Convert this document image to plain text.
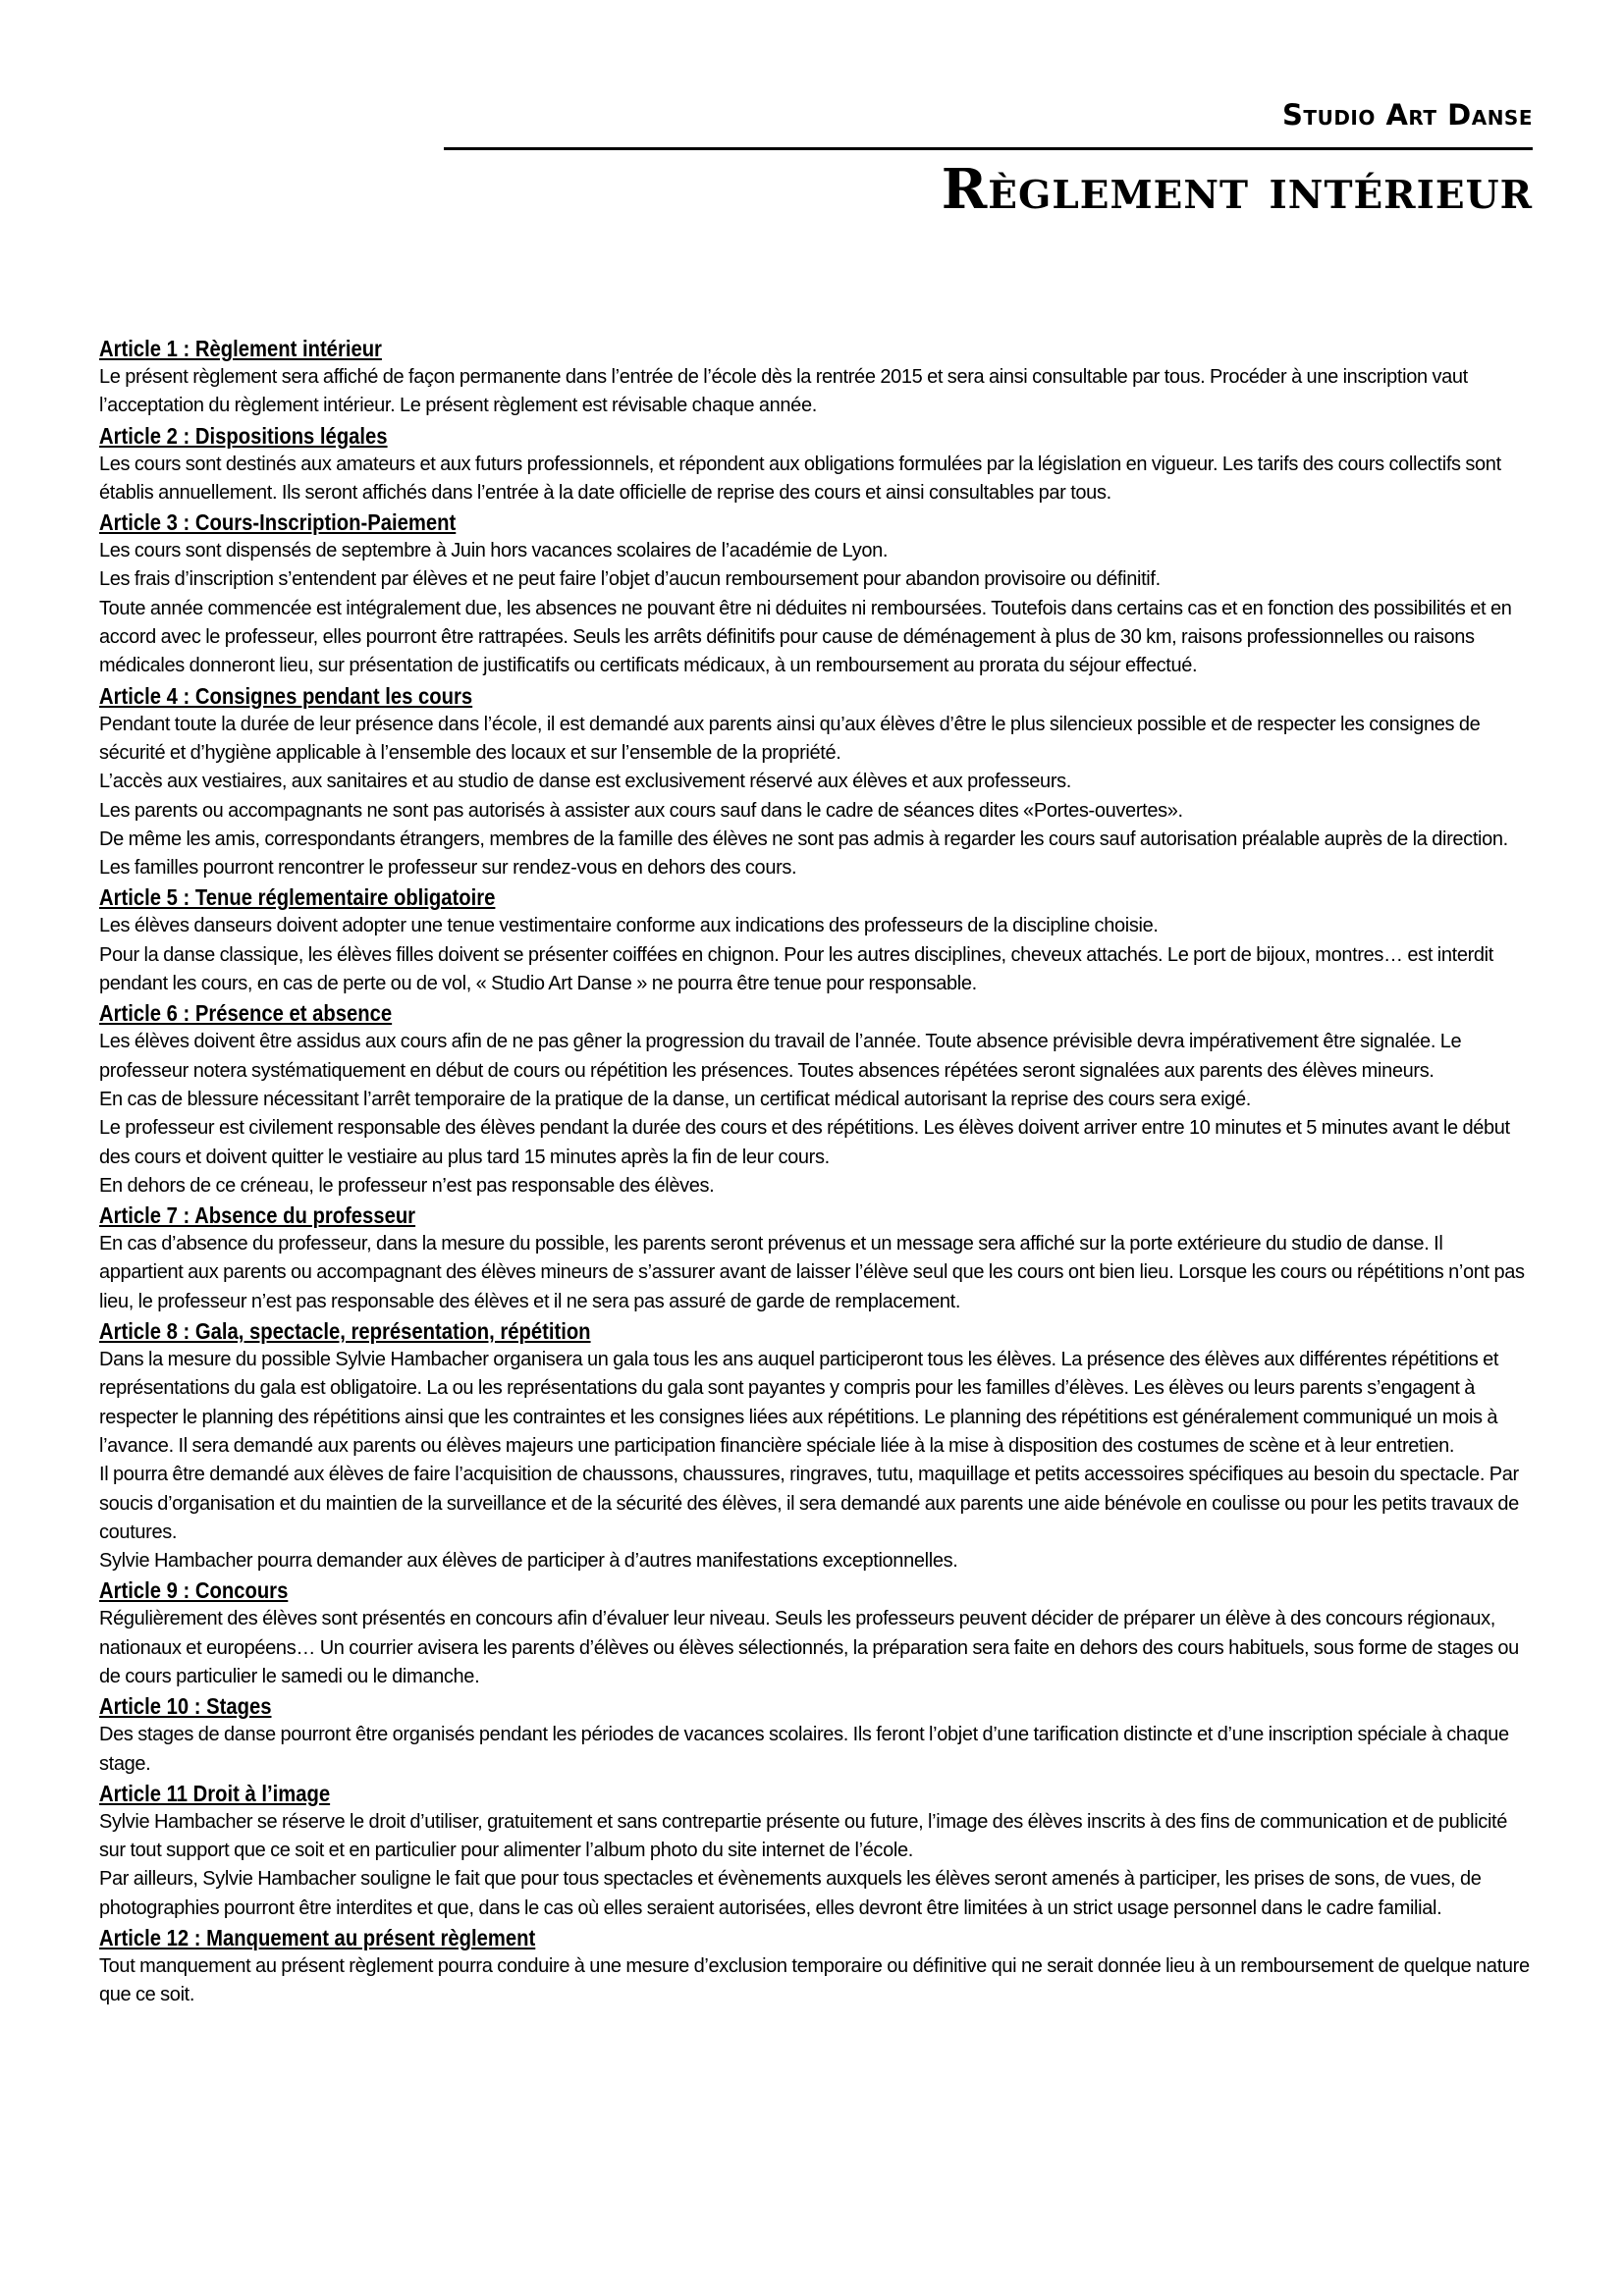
Studio Art Danse
Règlement intérieur
Article 1 : Règlement intérieur

Le présent règlement sera affiché de façon permanente dans l’entrée de l’école dès la rentrée 2015 et sera ainsi consultable par tous. Procéder à une inscription vaut l’acceptation du règlement intérieur. Le présent règlement est révisable chaque année.

Article 2 : Dispositions légales

Les cours sont destinés aux amateurs et aux futurs professionnels, et répondent aux obligations formulées par la législation en vigueur. Les tarifs des cours collectifs sont établis annuellement. Ils seront affichés dans l’entrée à la date officielle de reprise des cours et ainsi consultables par tous.

Article 3 : Cours-Inscription-Paiement

Les cours sont dispensés de septembre à Juin hors vacances scolaires de l’académie de Lyon.

Les frais d’inscription s’entendent par élèves et ne peut faire l’objet d’aucun remboursement pour abandon provisoire ou définitif.

Toute année commencée est intégralement due, les absences ne pouvant être ni déduites ni remboursées. Toutefois dans certains cas et en fonction des possibilités et en accord avec le professeur, elles pourront être rattrapées. Seuls les arrêts définitifs pour cause de déménagement à plus de 30 km, raisons professionnelles ou raisons médicales donneront lieu, sur présentation de justificatifs ou certificats médicaux, à un remboursement au prorata du séjour effectué.

Article 4 : Consignes pendant les cours

Pendant toute la durée de leur présence dans l’école, il est demandé aux parents ainsi qu’aux élèves d’être le plus silencieux possible et de respecter les consignes de sécurité et d’hygiène applicable à l’ensemble des locaux et sur l’ensemble de la propriété.

L’accès aux vestiaires, aux sanitaires et au studio de danse est exclusivement réservé aux élèves et aux professeurs.

Les parents ou accompagnants ne sont pas autorisés à assister aux cours sauf dans le cadre de séances dites «Portes-ouvertes».

De même les amis, correspondants étrangers, membres de la famille des élèves ne sont pas admis à regarder les cours sauf autorisation préalable auprès de la direction. Les familles pourront rencontrer le professeur sur rendez-vous en dehors des cours.

Article 5 : Tenue réglementaire obligatoire

Les élèves danseurs doivent adopter une tenue vestimentaire conforme aux indications des professeurs de la discipline choisie.

Pour la danse classique, les élèves filles doivent se présenter coiffées en chignon. Pour les autres disciplines, cheveux attachés. Le port de bijoux, montres… est interdit pendant les cours, en cas de perte ou de vol, « Studio Art Danse » ne pourra être tenue pour responsable.

Article 6 : Présence et absence

Les élèves doivent être assidus aux cours afin de ne pas gêner la progression du travail de l’année. Toute absence prévisible devra impérativement être signalée. Le professeur notera systématiquement en début de cours ou répétition les présences. Toutes absences répétées seront signalées aux parents des élèves mineurs.

En cas de blessure nécessitant l’arrêt temporaire de la pratique de la danse, un certificat médical autorisant la reprise des cours sera exigé.

Le professeur est civilement responsable des élèves pendant la durée des cours et des répétitions. Les élèves doivent arriver entre 10 minutes et 5 minutes avant le début des cours et doivent quitter le vestiaire au plus tard 15 minutes après la fin de leur cours.

En dehors de ce créneau, le professeur n’est pas responsable des élèves.

Article 7 : Absence du professeur

En cas d’absence du professeur, dans la mesure du possible, les parents seront prévenus et un message sera affiché sur la porte extérieure du studio de danse. Il appartient aux parents ou accompagnant des élèves mineurs de s’assurer avant de laisser l’élève seul que les cours ont bien lieu. Lorsque les cours ou répétitions n’ont pas lieu, le professeur n’est pas responsable des élèves et il ne sera pas assuré de garde de remplacement.

Article 8 : Gala, spectacle, représentation, répétition

Dans la mesure du possible Sylvie Hambacher organisera un gala tous les ans auquel participeront tous les élèves. La présence des élèves aux différentes répétitions et représentations du gala est obligatoire. La ou les représentations du gala sont payantes y compris pour les familles d’élèves. Les élèves ou leurs parents s’engagent à respecter le planning des répétitions ainsi que les contraintes et les consignes liées aux répétitions. Le planning des répétitions est généralement communiqué un mois à l’avance. Il sera demandé aux parents ou élèves majeurs une participation financière spéciale liée à la mise à disposition des costumes de scène et à leur entretien.

Il pourra être demandé aux élèves de faire l’acquisition de chaussons, chaussures, ringraves, tutu, maquillage et petits accessoires spécifiques au besoin du spectacle. Par soucis d’organisation et du maintien de la surveillance et de la sécurité des élèves, il sera demandé aux parents une aide bénévole en coulisse ou pour les petits travaux de coutures.

Sylvie Hambacher pourra demander aux élèves de participer à d’autres manifestations exceptionnelles.

Article 9 : Concours

Régulièrement des élèves sont présentés en concours afin d’évaluer leur niveau. Seuls les professeurs peuvent décider de préparer un élève à des concours régionaux, nationaux et européens… Un courrier avisera les parents d’élèves ou élèves sélectionnés, la préparation sera faite en dehors des cours habituels, sous forme de stages ou de cours particulier le samedi ou le dimanche.

Article 10 : Stages

Des stages de danse pourront être organisés pendant les périodes de vacances scolaires. Ils feront l’objet d’une tarification distincte et d’une inscription spéciale à chaque stage.

Article 11 Droit à l’image

Sylvie Hambacher se réserve le droit d’utiliser, gratuitement et sans contrepartie présente ou future, l’image des élèves inscrits à des fins de communication et de publicité sur tout support que ce soit et en particulier pour alimenter l’album photo du site internet de l’école.

Par ailleurs, Sylvie Hambacher souligne le fait que pour tous spectacles et évènements auxquels les élèves seront amenés à participer, les prises de sons, de vues, de photographies pourront être interdites et que, dans le cas où elles seraient autorisées, elles devront être limitées à un strict usage personnel dans le cadre familial.

Article 12 : Manquement au présent règlement

Tout manquement au présent règlement pourra conduire à une mesure d’exclusion temporaire ou définitive qui ne serait donnée lieu à un remboursement de quelque nature que ce soit.
